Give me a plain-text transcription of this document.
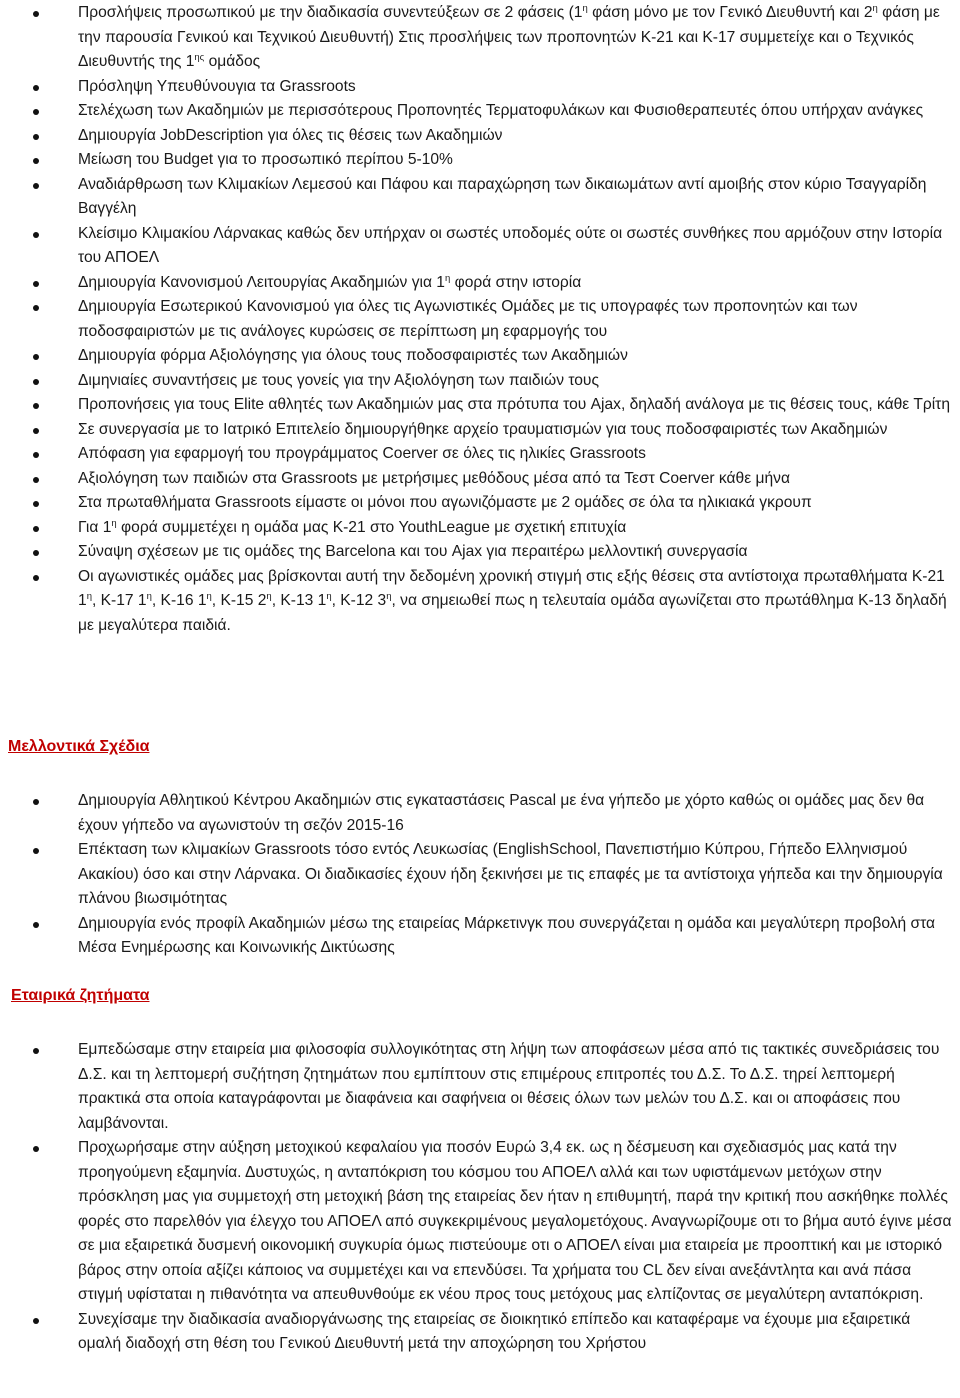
Προσλήψεις προσωπικού με την διαδικασία συνεντεύξεων σε 2 φάσεις ($1^\eta$ φάση μόνο με τον Γενικό Διευθυντή και $2^\eta$ φάση με την παρουσία Γενικού και Τεχνικού Διευθυντή) Στις προσλήψεις των προπονητών Κ-21 και Κ-17 συμμετείχε και ο Τεχνικός Διευθυντής της $1^{\eta\varsigma}$ ομάδος
Πρόσληψη Υπευθύνουγια τα Grassroots
Στελέχωση των Ακαδημιών με περισσότερους Προπονητές Τερματοφυλάκων και Φυσιοθεραπευτές όπου υπήρχαν ανάγκες
Δημιουργία JobDescription για όλες τις θέσεις των Ακαδημιών
Μείωση του Budget για το προσωπικό περίπου 5-10%
Αναδιάρθρωση των Κλιμακίων Λεμεσού και Πάφου και παραχώρηση των δικαιωμάτων αντί αμοιβής στον κύριο Τσαγγαρίδη Βαγγέλη
Κλείσιμο Κλιμακίου Λάρνακας καθώς δεν υπήρχαν οι σωστές υποδομές ούτε οι σωστές συνθήκες που αρμόζουν στην Ιστορία του ΑΠΟΕΛ
Δημιουργία Κανονισμού Λειτουργίας Ακαδημιών για $1^\eta$ φορά στην ιστορία
Δημιουργία Εσωτερικού Κανονισμού για όλες τις Αγωνιστικές Ομάδες με τις υπογραφές των προπονητών και των ποδοσφαιριστών με τις ανάλογες κυρώσεις σε περίπτωση μη εφαρμογής του
Δημιουργία φόρμα Αξιολόγησης για όλους τους ποδοσφαιριστές των Ακαδημιών
Διμηνιαίες συναντήσεις με τους γονείς για την Αξιολόγηση των παιδιών τους
Προπονήσεις για τους Elite αθλητές των Ακαδημιών μας στα πρότυπα του Ajax, δηλαδή ανάλογα με τις θέσεις τους, κάθε Τρίτη
Σε συνεργασία με το Ιατρικό Επιτελείο δημιουργήθηκε αρχείο τραυματισμών για τους ποδοσφαιριστές των Ακαδημιών
Απόφαση για εφαρμογή του προγράμματος Coerver σε όλες τις ηλικίες Grassroots
Αξιολόγηση των παιδιών στα Grassroots με μετρήσιμες μεθόδους μέσα από τα Τεστ Coerver κάθε μήνα
Στα πρωταθλήματα Grassroots είμαστε οι μόνοι που αγωνιζόμαστε με 2 ομάδες σε όλα τα ηλικιακά γκρουπ
Για $1^\eta$ φορά συμμετέχει η ομάδα μας Κ-21 στο YouthLeague με σχετική επιτυχία
Σύναψη σχέσεων με τις ομάδες της Barcelona και του Ajax για περαιτέρω μελλοντική συνεργασία
Οι αγωνιστικές ομάδες μας βρίσκονται αυτή την δεδομένη χρονική στιγμή στις εξής θέσεις στα αντίστοιχα πρωταθλήματα Κ-21 $1^\eta$, Κ-17 $1^\eta$, Κ-16 $1^\eta$, Κ-15 $2^\eta$, Κ-13 $1^\eta$, Κ-12 $3^\eta$, να σημειωθεί πως η τελευταία ομάδα αγωνίζεται στο πρωτάθλημα Κ-13 δηλαδή με μεγαλύτερα παιδιά.
Μελλοντικά Σχέδια
Δημιουργία Αθλητικού Κέντρου Ακαδημιών στις εγκαταστάσεις Pascal με ένα γήπεδο με χόρτο καθώς οι ομάδες μας δεν θα έχουν γήπεδο να αγωνιστούν τη σεζόν 2015-16
Επέκταση των κλιμακίων Grassroots τόσο εντός Λευκωσίας (EnglishSchool, Πανεπιστήμιο Κύπρου, Γήπεδο Ελληνισμού Ακακίου) όσο και στην Λάρνακα. Οι διαδικασίες έχουν ήδη ξεκινήσει με τις επαφές με τα αντίστοιχα γήπεδα και την δημιουργία πλάνου βιωσιμότητας
Δημιουργία ενός προφίλ Ακαδημιών μέσω της εταιρείας Μάρκετινγκ που συνεργάζεται η ομάδα και μεγαλύτερη προβολή στα Μέσα Ενημέρωσης και Κοινωνικής Δικτύωσης
Εταιρικά ζητήματα
Εμπεδώσαμε στην εταιρεία μια φιλοσοφία συλλογικότητας στη λήψη των αποφάσεων μέσα από τις τακτικές συνεδριάσεις του Δ.Σ. και τη λεπτομερή συζήτηση ζητημάτων που εμπίπτουν στις επιμέρους επιτροπές του Δ.Σ. Το Δ.Σ. τηρεί λεπτομερή πρακτικά στα οποία καταγράφονται με διαφάνεια και σαφήνεια οι θέσεις όλων των μελών του Δ.Σ. και οι αποφάσεις που λαμβάνονται.
Προχωρήσαμε στην αύξηση μετοχικού κεφαλαίου για ποσόν Ευρώ 3,4 εκ. ως η δέσμευση και σχεδιασμός μας κατά την προηγούμενη εξαμηνία. Δυστυχώς, η ανταπόκριση του κόσμου του ΑΠΟΕΛ αλλά και των υφιστάμενων μετόχων στην πρόσκληση μας για συμμετοχή στη μετοχική βάση της εταιρείας δεν ήταν η επιθυμητή, παρά την κριτική που ασκήθηκε πολλές φορές στο παρελθόν για έλεγχο του ΑΠΟΕΛ από συγκεκριμένους μεγαλομετόχους. Αναγνωρίζουμε οτι το βήμα αυτό έγινε μέσα σε μια εξαιρετικά δυσμενή οικονομική συγκυρία όμως πιστεύουμε οτι ο ΑΠΟΕΛ είναι μια εταιρεία με προοπτική και με ιστορικό βάρος στην οποία αξίζει κάποιος να συμμετέχει και να επενδύσει. Τα χρήματα του CL δεν είναι ανεξάντλητα και ανά πάσα στιγμή υφίσταται η πιθανότητα να απευθυνθούμε εκ νέου προς τους μετόχους μας ελπίζοντας σε μεγαλύτερη ανταπόκριση.
Συνεχίσαμε την διαδικασία αναδιοργάνωσης της εταιρείας σε διοικητικό επίπεδο και καταφέραμε να έχουμε μια εξαιρετικά ομαλή διαδοχή στη θέση του Γενικού Διευθυντή μετά την αποχώρηση του Χρήστου
